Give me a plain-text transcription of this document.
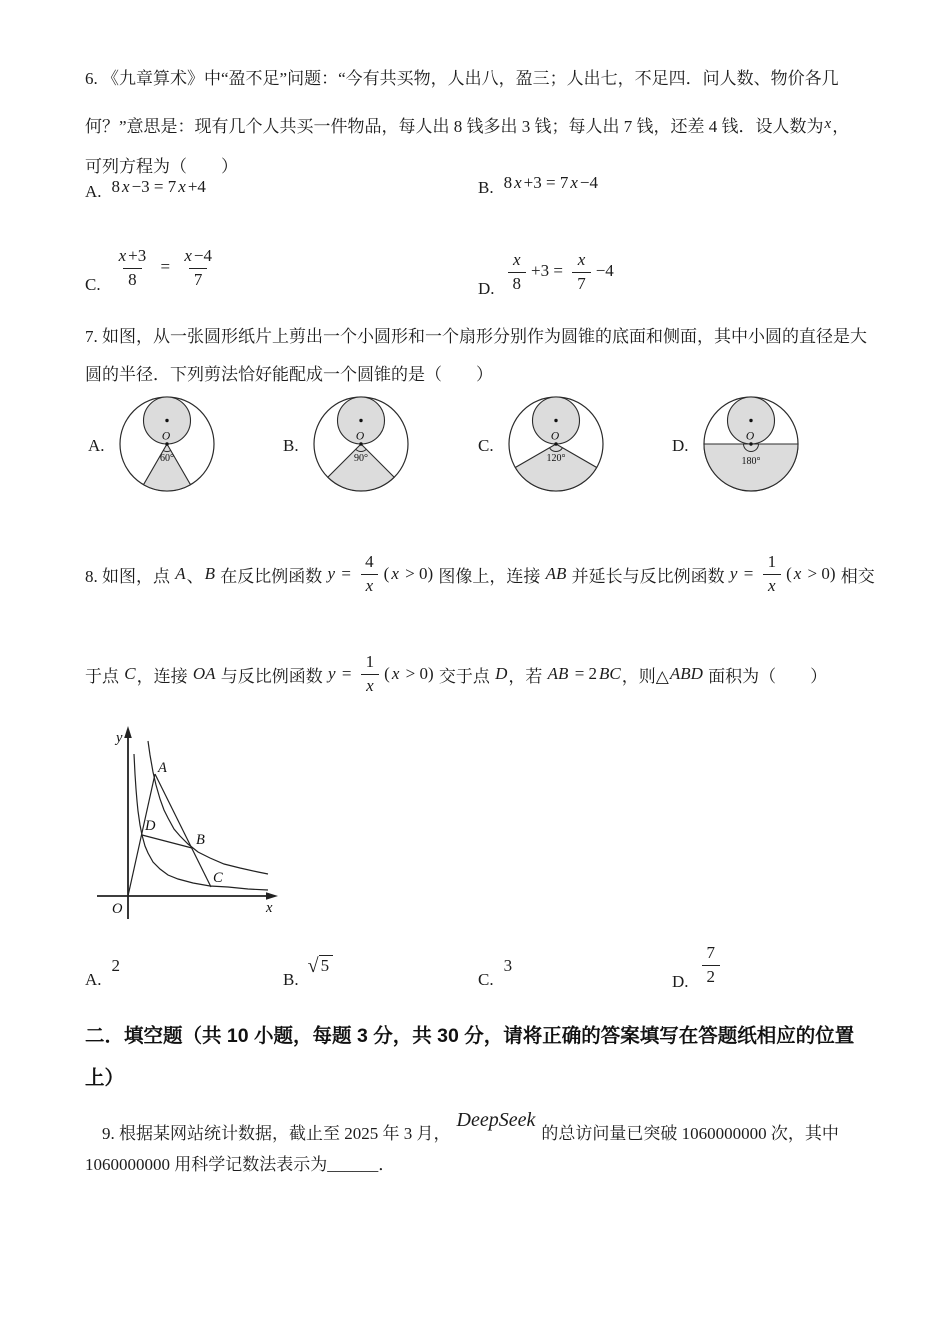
6. 《九章算术》中“盈不足”问题：“今有共买物，人出八，盈三；人出七，不足四．问人数、物价各几
何？”意思是：现有几个人共买一件物品，每人出 8 钱多出 3 钱；每人出 7 钱，还差 4 钱．设人数为x，
可列方程为（　　）
A. 8 x −3 = 7 x +4	B. 8 x +3 = 7 x −4
C. $\frac{x +3}{8} = \frac{x -4}{7}$	D. $\frac{x}{8} +3 = \frac{x}{7} -4$
7. 如图，从一张圆形纸片上剪出一个小圆形和一个扇形分别作为圆锥的底面和侧面，其中小圆的直径是大
圆的半径．下列剪法恰好能配成一个圆锥的是（　　）
A.	O
60°
B.	O
90°
C.	O
120°
D.	O
180°
8. 如图，点 A 、 B 在反比例函数 $y = \frac{4}{x}$ ( x > 0) 图像上，连接 AB 并延长与反比例函数 $y = \frac{1}{x}$ ( x > 0) 相交
于点 C ，连接 OA 与反比例函数 $y = \frac{1}{x}$ ( x > 0) 交于点 D ，若 AB = 2 BC ，则△ ABD 面积为（　　）
y
x
O
A
B
C
D
A.
2
B.
√ 5
C.
3
D. $\frac{7}{2}$
二．填空题（共 10 小题，每题 3 分，共 30 分，请将正确的答案填写在答题纸相应的位置
上）

9. 根据某网站统计数据，截止至 2025 年 3 月，DeepSeek的总访问量已突破 1060000000 次，其中

1060000000 用科学记数法表示为______．
